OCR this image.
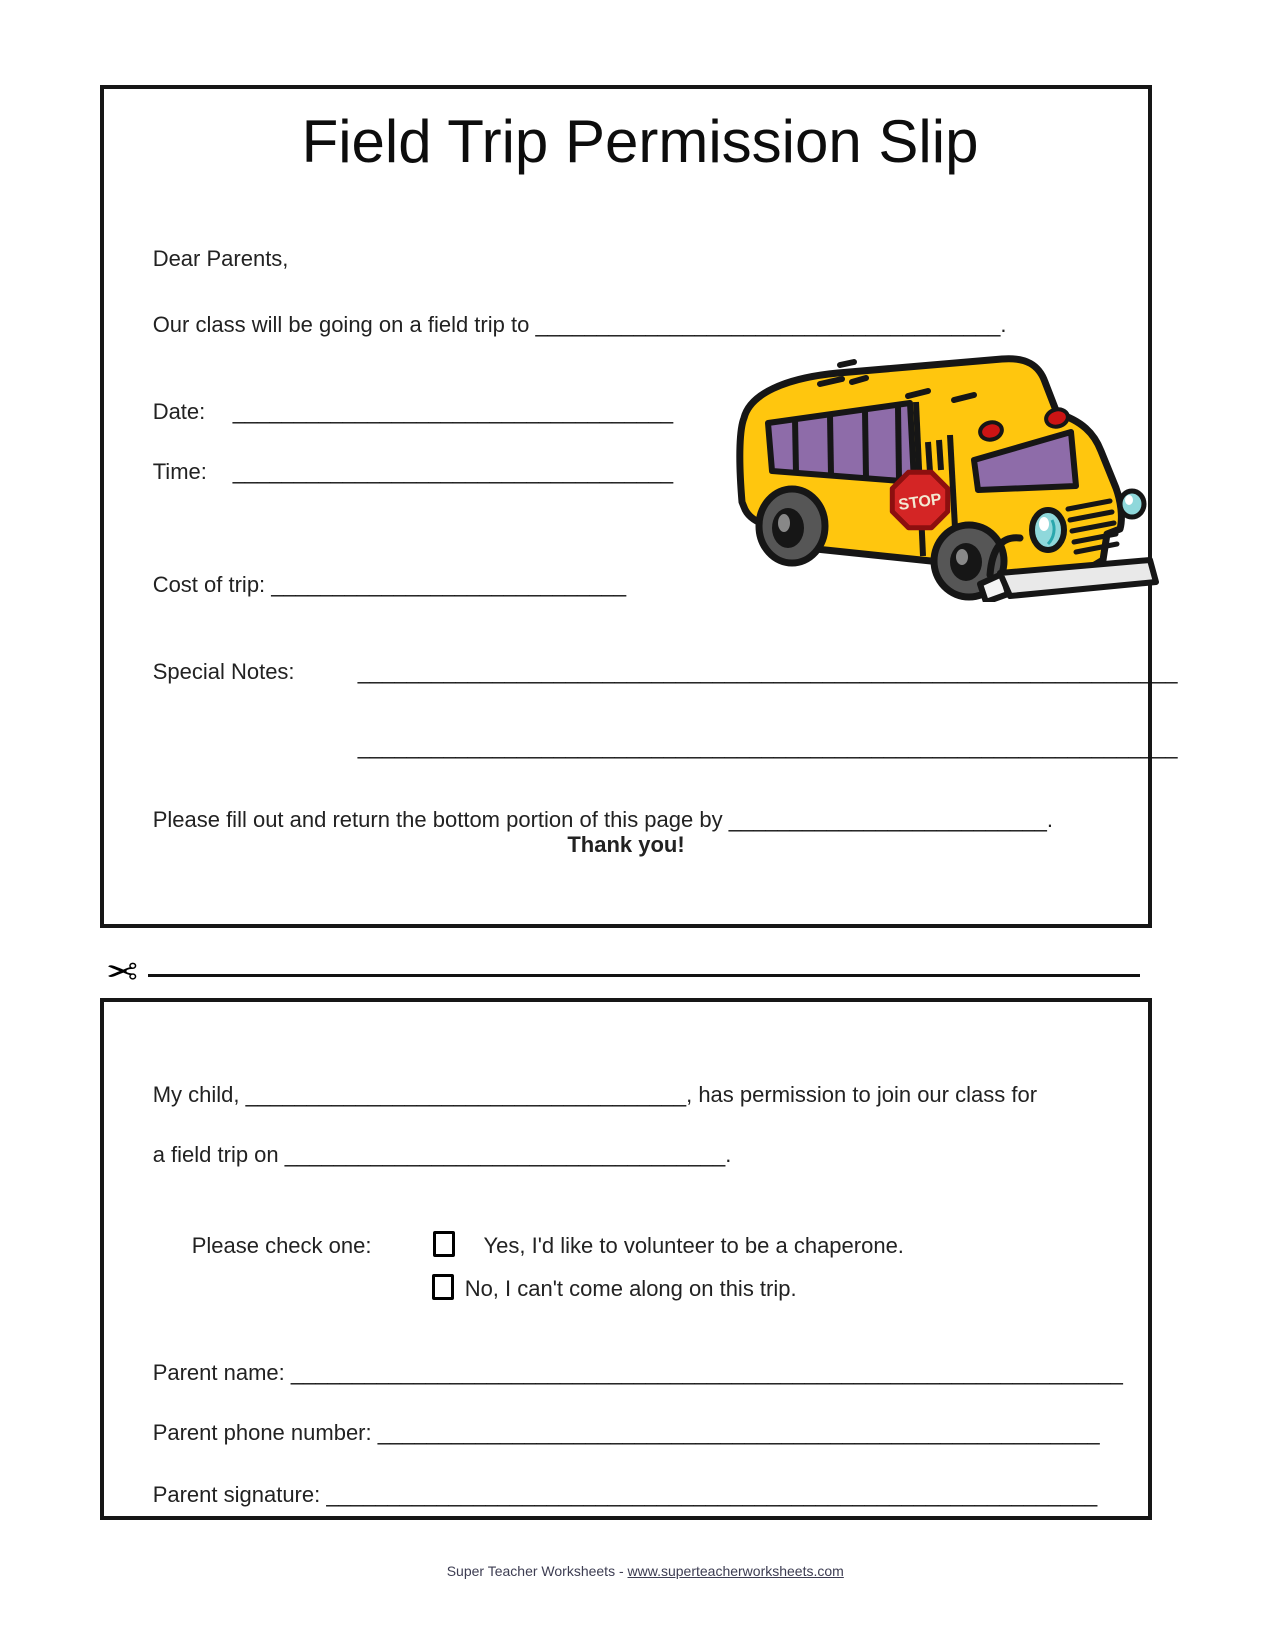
Field Trip Permission Slip

Dear Parents,

Our class will be going on a field trip to ______________________________________.

Date: ____________________________________

Time: ____________________________________

Cost of trip: _____________________________

Special Notes:	___________________________________________________________________

___________________________________________________________________

Please fill out and return the bottom portion of this page by __________________________.

Thank you!
STOP
✂

My child, ____________________________________, has permission to join our class for

a field trip on ____________________________________.

Please check one:	Yes, I'd like to volunteer to be a chaperone.

No, I can't come along on this trip.

Parent name: ____________________________________________________________________

Parent phone number: ___________________________________________________________

Parent signature: _______________________________________________________________

Super Teacher Worksheets - www.superteacherworksheets.com
